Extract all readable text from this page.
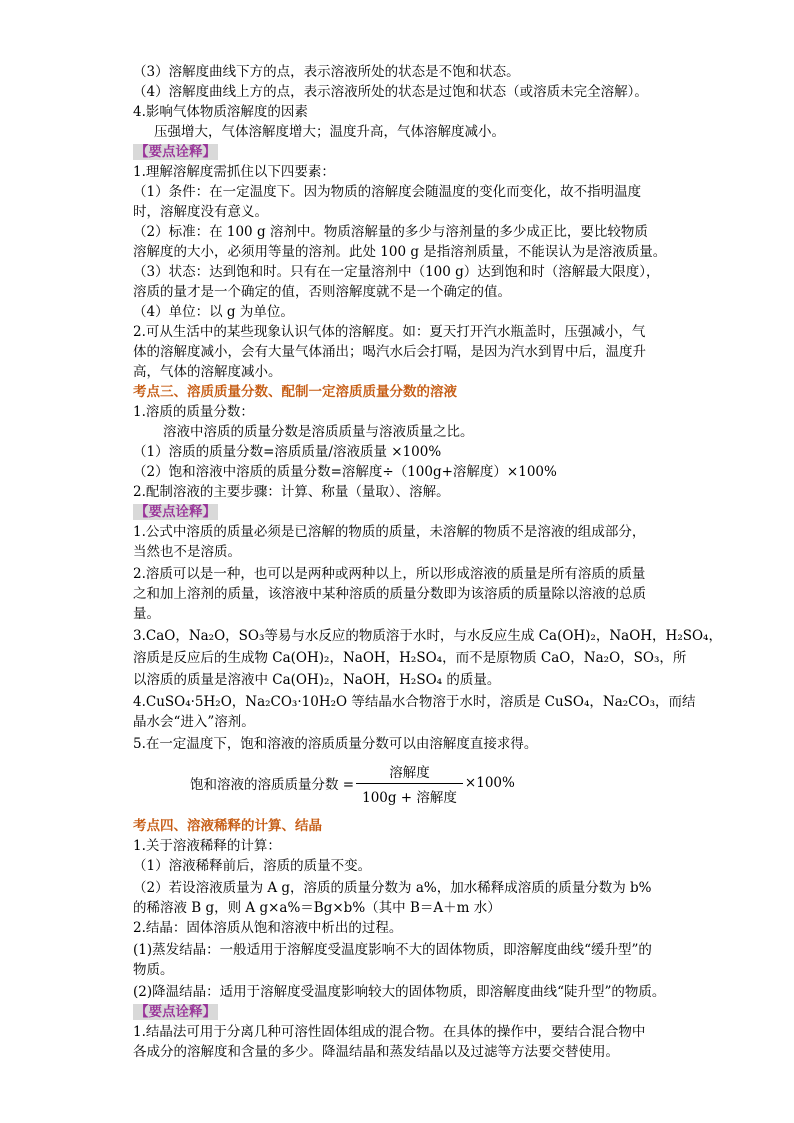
（3）溶解度曲线下方的点，表示溶液所处的状态是不饱和状态。
（4）溶解度曲线上方的点，表示溶液所处的状态是过饱和状态（或溶质未完全溶解）。
4.影响气体物质溶解度的因素
压强增大，气体溶解度增大；温度升高，气体溶解度减小。
【要点诠释】
1.理解溶解度需抓住以下四要素：
（1）条件：在一定温度下。因为物质的溶解度会随温度的变化而变化，故不指明温度
时，溶解度没有意义。
（2）标准：在 100 g 溶剂中。物质溶解量的多少与溶剂量的多少成正比，要比较物质
溶解度的大小，必须用等量的溶剂。此处 100 g 是指溶剂质量，不能误认为是溶液质量。
（3）状态：达到饱和时。只有在一定量溶剂中（100 g）达到饱和时（溶解最大限度），
溶质的量才是一个确定的值，否则溶解度就不是一个确定的值。
（4）单位：以 g 为单位。
2.可从生活中的某些现象认识气体的溶解度。如：夏天打开汽水瓶盖时，压强减小，气
体的溶解度减小，会有大量气体涌出；喝汽水后会打嗝，是因为汽水到胃中后，温度升
高，气体的溶解度减小。
考点三、溶质质量分数、配制一定溶质质量分数的溶液
1.溶质的质量分数：
溶液中溶质的质量分数是溶质质量与溶液质量之比。
（1）溶质的质量分数=溶质质量/溶液质量 ×100%
（2）饱和溶液中溶质的质量分数=溶解度÷（100g+溶解度）×100%
2.配制溶液的主要步骤：计算、称量（量取）、溶解。
【要点诠释】
1.公式中溶质的质量必须是已溶解的物质的质量，未溶解的物质不是溶液的组成部分，
当然也不是溶质。
2.溶质可以是一种，也可以是两种或两种以上，所以形成溶液的质量是所有溶质的质量
之和加上溶剂的质量，该溶液中某种溶质的质量分数即为该溶质的质量除以溶液的总质
量。
3.CaO，Na₂O，SO₃等易与水反应的物质溶于水时，与水反应生成 Ca(OH)₂，NaOH，H₂SO₄，
溶质是反应后的生成物 Ca(OH)₂，NaOH，H₂SO₄，而不是原物质 CaO，Na₂O，SO₃，所
以溶质的质量是溶液中 Ca(OH)₂，NaOH，H₂SO₄ 的质量。
4.CuSO₄·5H₂O，Na₂CO₃·10H₂O 等结晶水合物溶于水时，溶质是 CuSO₄，Na₂CO₃，而结
晶水会“进入”溶剂。
5.在一定温度下，饱和溶液的溶质质量分数可以由溶解度直接求得。
饱和溶液的溶质质量分数 = $\frac{\text{溶解度}}{\text{100g + 溶解度}} \times 100\%$
考点四、溶液稀释的计算、结晶
1.关于溶液稀释的计算：
（1）溶液稀释前后，溶质的质量不变。
（2）若设溶液质量为 A g，溶质的质量分数为 a%，加水稀释成溶质的质量分数为 b%
的稀溶液 B g，则 A g×a%＝Bg×b%（其中 B＝A＋m 水）
2.结晶：固体溶质从饱和溶液中析出的过程。
(1)蒸发结晶：一般适用于溶解度受温度影响不大的固体物质，即溶解度曲线“缓升型”的
物质。
(2)降温结晶：适用于溶解度受温度影响较大的固体物质，即溶解度曲线“陡升型”的物质。
【要点诠释】
1.结晶法可用于分离几种可溶性固体组成的混合物。在具体的操作中，要结合混合物中
各成分的溶解度和含量的多少。降温结晶和蒸发结晶以及过滤等方法要交替使用。
